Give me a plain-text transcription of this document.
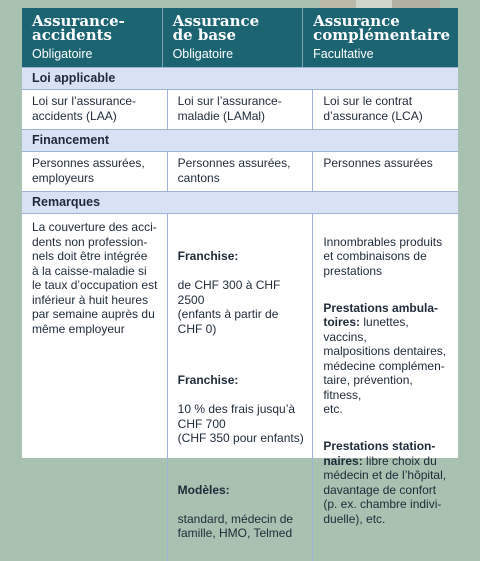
Assurance-
accidents
Obligatoire
Assurance
de base
Obligatoire
Assurance
complémentaire
Facultative
Loi applicable
Loi sur l’assurance-
accidents (LAA)
Loi sur l’assurance-
maladie (LAMal)
Loi sur le contrat
d’assurance (LCA)
Financement
Personnes assurées,
employeurs
Personnes assurées,
cantons
Personnes assurées
Remarques
La couverture des acci-
dents non profession-
nels doit être intégrée
à la caisse-maladie si
le taux d’occupation est
inférieur à huit heures
par semaine auprès du
même employeur

Franchise:

de CHF 300 à CHF 2500
(enfants à partir de
CHF 0)

Franchise:

10 % des frais jusqu’à
CHF 700
(CHF 350 pour enfants)

Modèles:

standard, médecin de
famille, HMO, Telmed

Innombrables produits
et combinaisons de
prestations

Prestations ambula-
toires: lunettes, vaccins,
malpositions dentaires,
médecine complémen-
taire, prévention, fitness,
etc.

Prestations station-
naires: libre choix du
médecin et de l’hôpital,
davantage de confort
(p. ex. chambre indivi-
duelle), etc.
